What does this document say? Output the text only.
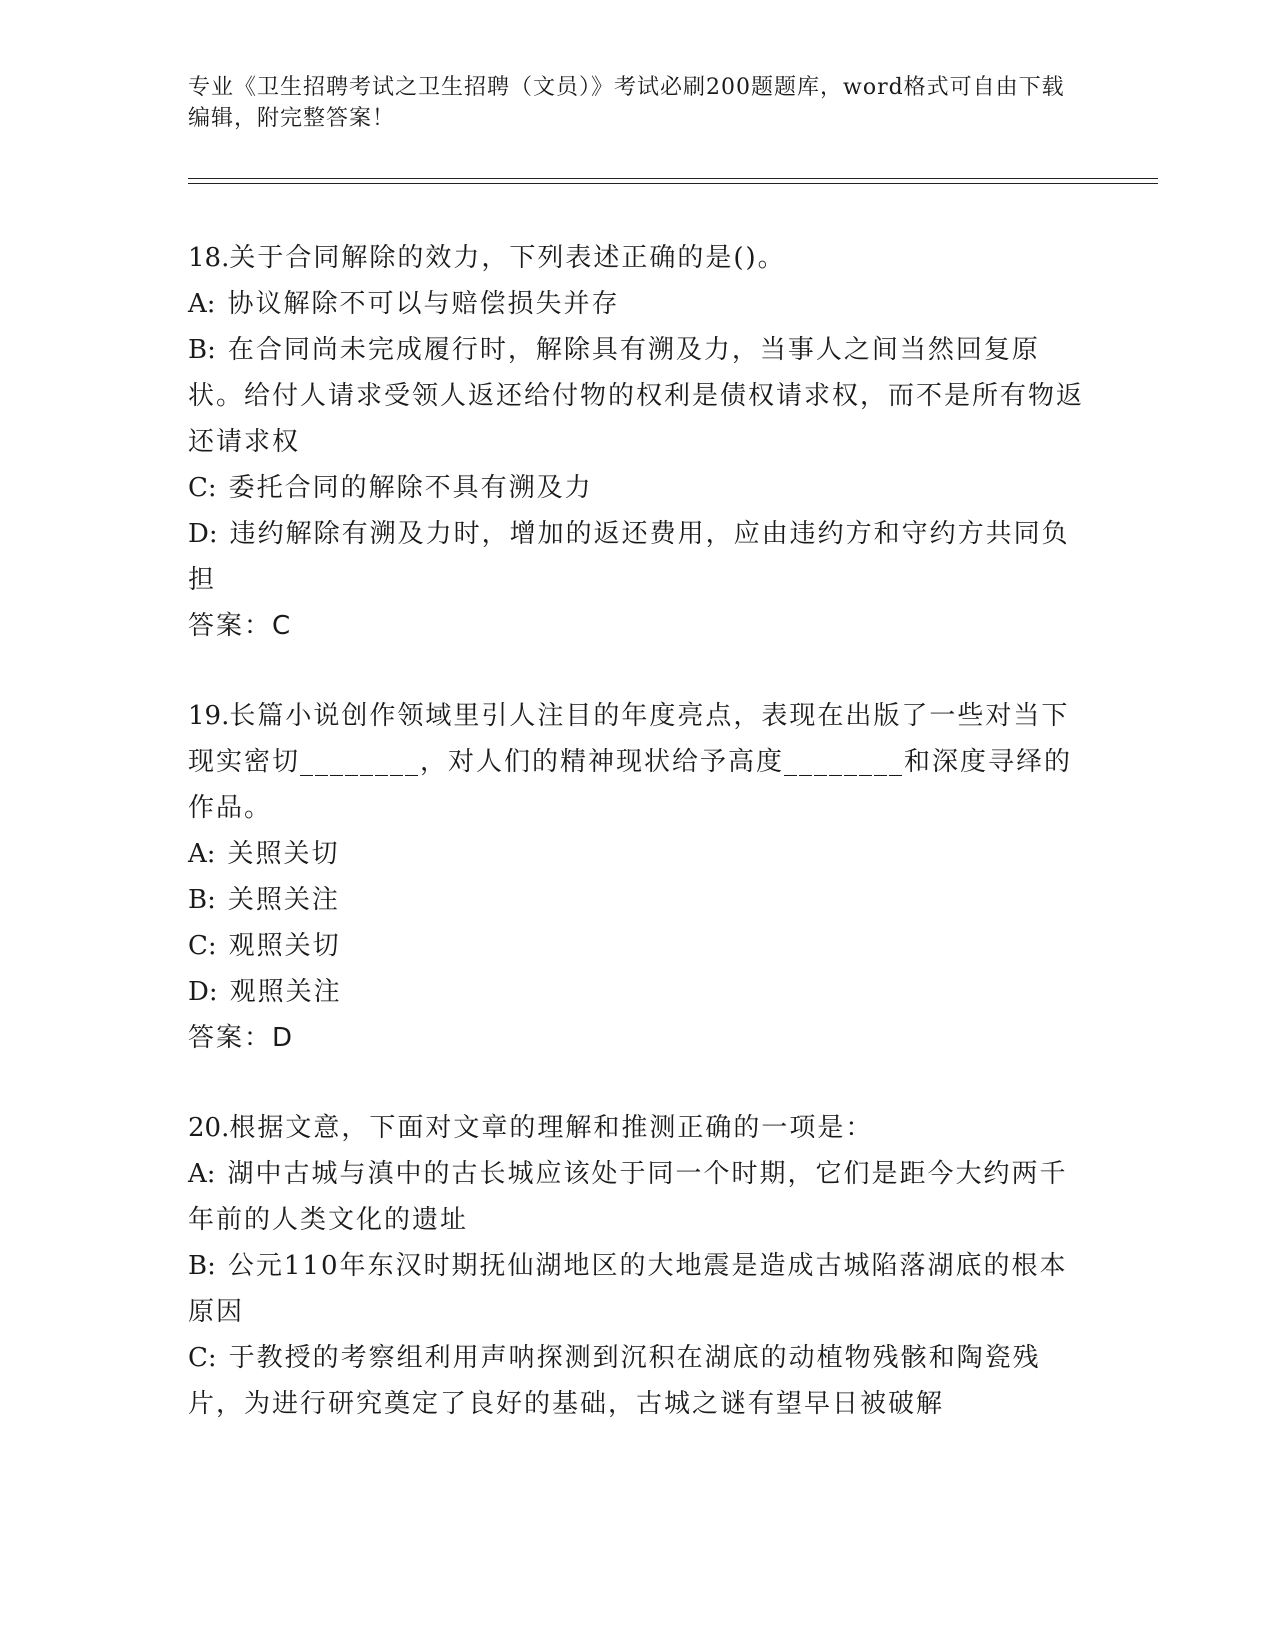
专业《卫生招聘考试之卫生招聘（文员）》考试必刷200题题库，word格式可自由下载编辑，附完整答案！
18.关于合同解除的效力，下列表述正确的是()。
A: 协议解除不可以与赔偿损失并存
B: 在合同尚未完成履行时，解除具有溯及力，当事人之间当然回复原状。给付人请求受领人返还给付物的权利是债权请求权，而不是所有物返还请求权
C: 委托合同的解除不具有溯及力
D: 违约解除有溯及力时，增加的返还费用，应由违约方和守约方共同负担
答案：C
19.长篇小说创作领域里引人注目的年度亮点，表现在出版了一些对当下现实密切________，对人们的精神现状给予高度________和深度寻绎的作品。
A: 关照关切
B: 关照关注
C: 观照关切
D: 观照关注
答案：D
20.根据文意，下面对文章的理解和推测正确的一项是：
A: 湖中古城与滇中的古长城应该处于同一个时期，它们是距今大约两千年前的人类文化的遗址
B: 公元110年东汉时期抚仙湖地区的大地震是造成古城陷落湖底的根本原因
C: 于教授的考察组利用声呐探测到沉积在湖底的动植物残骸和陶瓷残片，为进行研究奠定了良好的基础，古城之谜有望早日被破解
